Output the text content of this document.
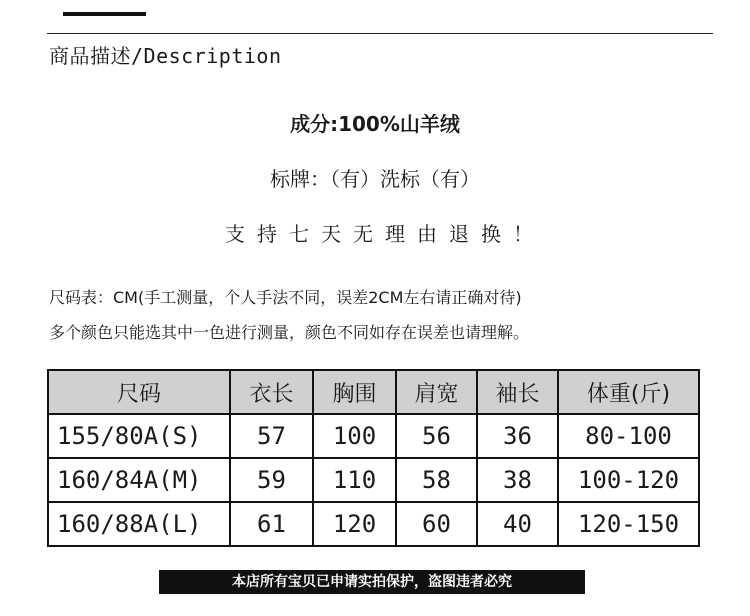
商品描述/Description
成分:100%山羊绒
标牌：（有）洗标（有）
支持七天无理由退换！
尺码表：CM(手工测量，个人手法不同，误差2CM左右请正确对待)
多个颜色只能选其中一色进行测量，颜色不同如存在误差也请理解。
尺码	衣长	胸围	肩宽	袖长	体重(斤)
155/80A(S)	57	100	56	36	80-100
160/84A(M)	59	110	58	38	100-120
160/88A(L)	61	120	60	40	120-150
本店所有宝贝已申请实拍保护，盗图违者必究
